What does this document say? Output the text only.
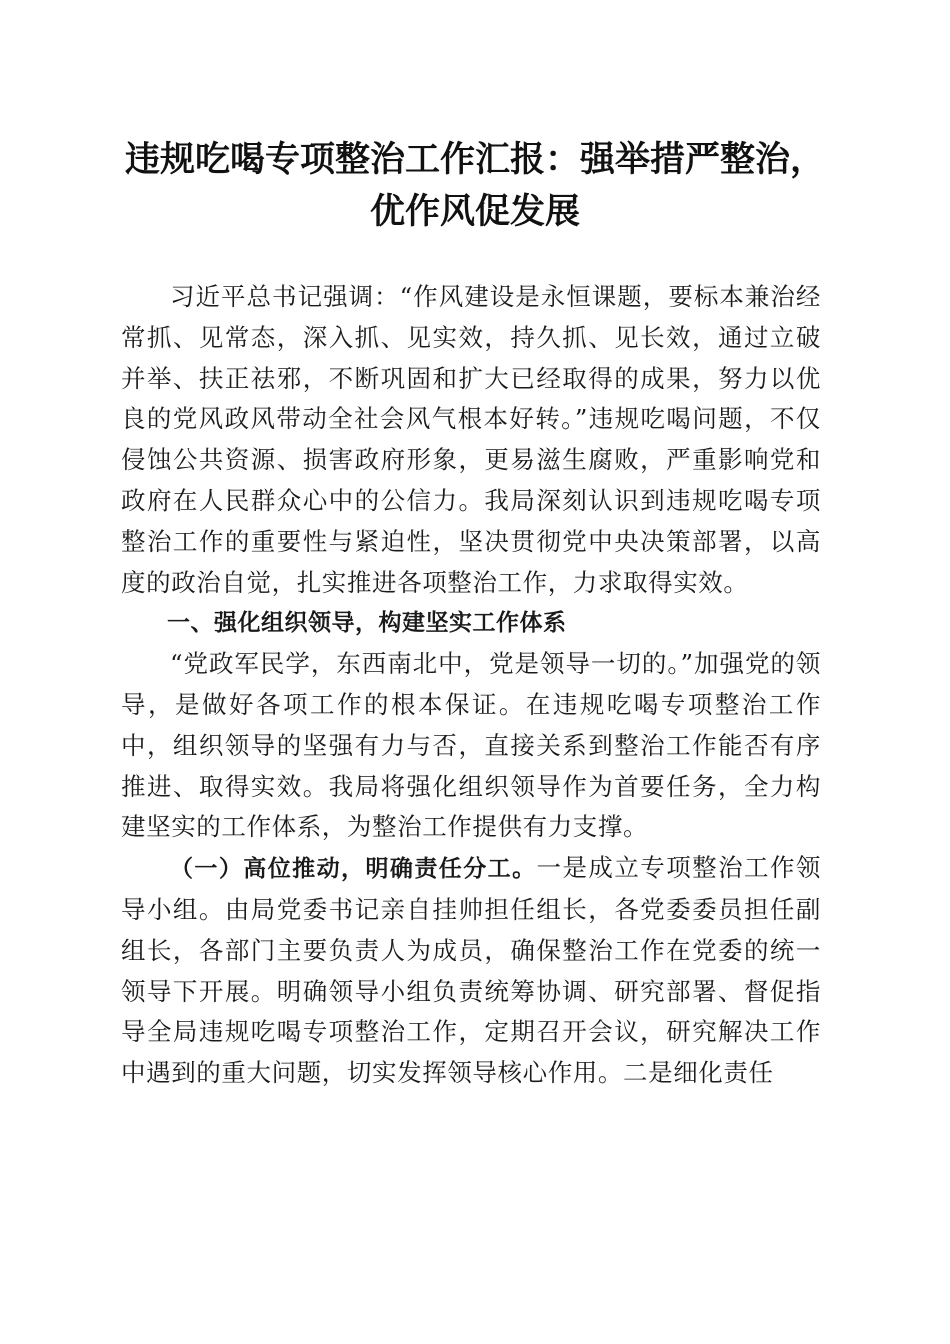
违规吃喝专项整治工作汇报：强举措严整治，
优作风促发展

习近平总书记强调：“作风建设是永恒课题，要标本兼治经常抓、见常态，深入抓、见实效，持久抓、见长效，通过立破并举、扶正祛邪，不断巩固和扩大已经取得的成果，努力以优良的党风政风带动全社会风气根本好转。”违规吃喝问题，不仅侵蚀公共资源、损害政府形象，更易滋生腐败，严重影响党和政府在人民群众心中的公信力。我局深刻认识到违规吃喝专项整治工作的重要性与紧迫性，坚决贯彻党中央决策部署，以高度的政治自觉，扎实推进各项整治工作，力求取得实效。

一、强化组织领导，构建坚实工作体系

“党政军民学，东西南北中，党是领导一切的。”加强党的领导，是做好各项工作的根本保证。在违规吃喝专项整治工作中，组织领导的坚强有力与否，直接关系到整治工作能否有序推进、取得实效。我局将强化组织领导作为首要任务，全力构建坚实的工作体系，为整治工作提供有力支撑。

（一）高位推动，明确责任分工。一是成立专项整治工作领导小组。由局党委书记亲自挂帅担任组长，各党委委员担任副组长，各部门主要负责人为成员，确保整治工作在党委的统一领导下开展。明确领导小组负责统筹协调、研究部署、督促指导全局违规吃喝专项整治工作，定期召开会议，研究解决工作中遇到的重大问题，切实发挥领导核心作用。二是细化责任
